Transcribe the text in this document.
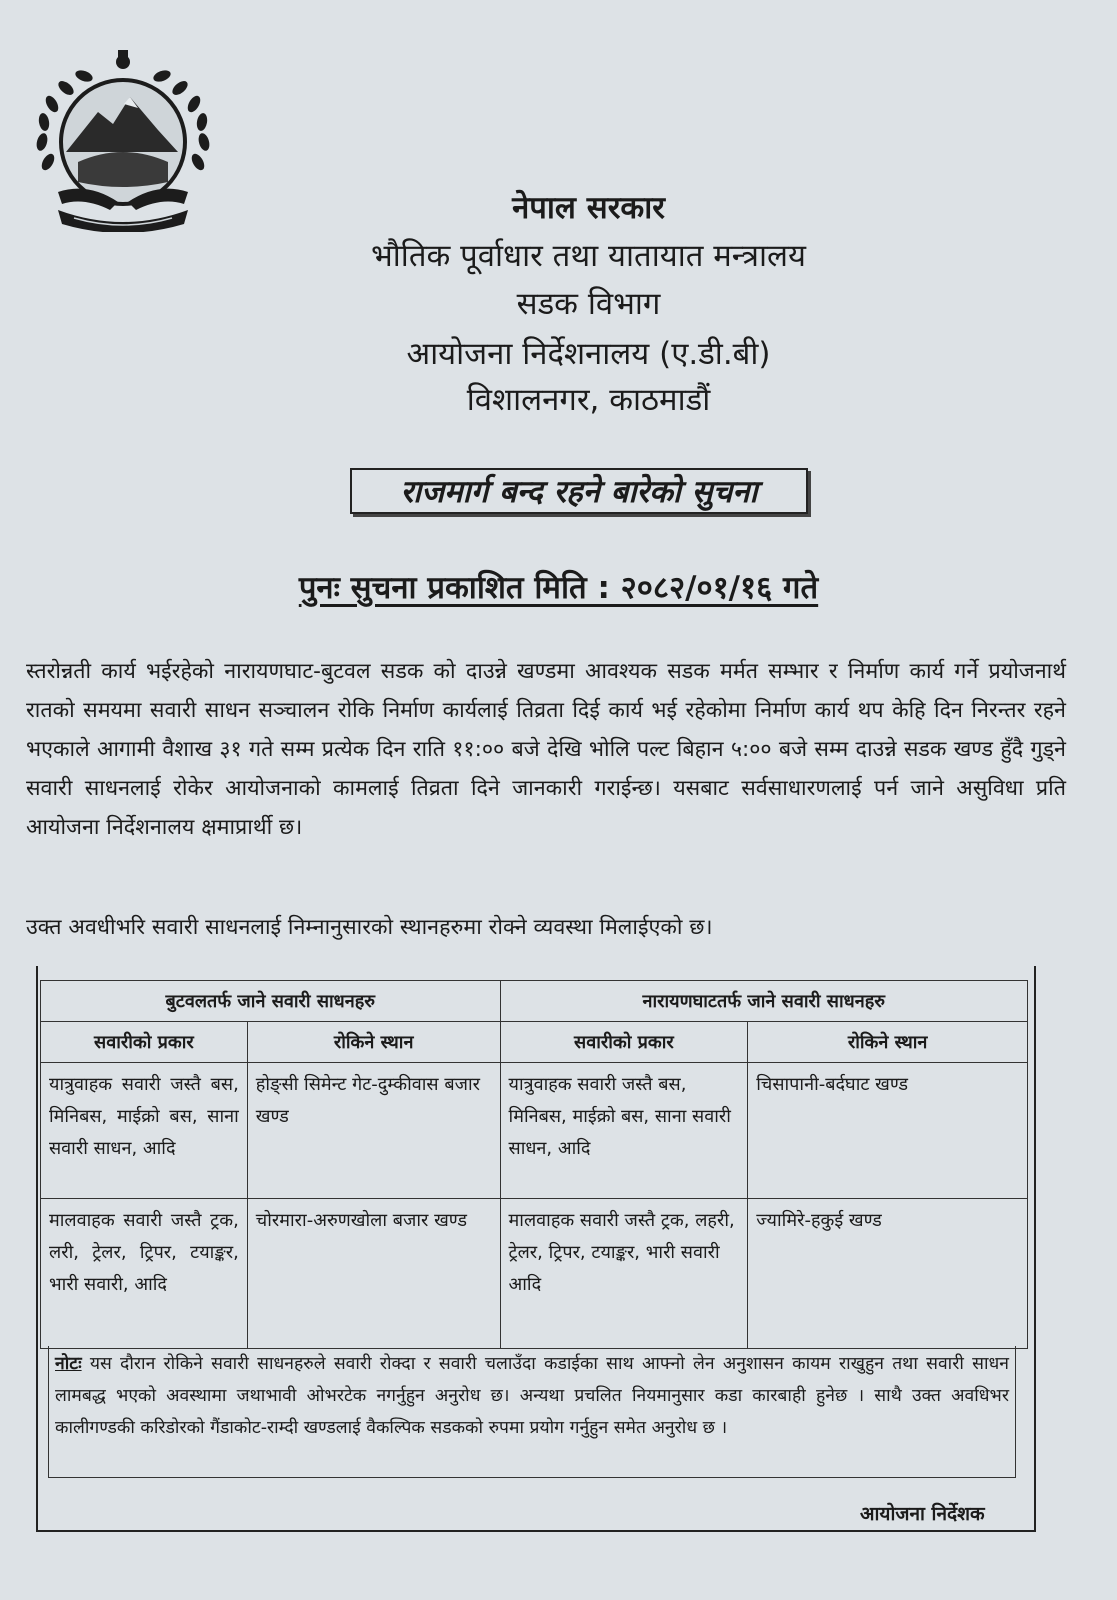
नेपाल सरकार
भौतिक पूर्वाधार तथा यातायात मन्त्रालय
सडक विभाग
आयोजना निर्देशनालय (ए.डी.बी)
विशालनगर, काठमाडौं
राजमार्ग बन्द रहने बारेको सुचना
पुनः सुचना प्रकाशित मिति : २०८२/०१/१६ गते
स्तरोन्नती कार्य भईरहेको नारायणघाट-बुटवल सडक को दाउन्ने खण्डमा आवश्यक सडक मर्मत सम्भार र निर्माण कार्य गर्ने प्रयोजनार्थ रातको समयमा सवारी साधन सञ्चालन रोकि निर्माण कार्यलाई तिव्रता दिई कार्य भई रहेकोमा निर्माण कार्य थप केहि दिन निरन्तर रहने भएकाले आगामी वैशाख ३१ गते सम्म प्रत्येक दिन राति ११:०० बजे देखि भोलि पल्ट बिहान ५:०० बजे सम्म दाउन्ने सडक खण्ड हुँदै गुड्ने सवारी साधनलाई रोकेर आयोजनाको कामलाई तिव्रता दिने जानकारी गराईन्छ। यसबाट सर्वसाधारणलाई पर्न जाने असुविधा प्रति आयोजना निर्देशनालय क्षमाप्रार्थी छ।
उक्त अवधीभरि सवारी साधनलाई निम्नानुसारको स्थानहरुमा रोक्ने व्यवस्था मिलाईएको छ।
बुटवलतर्फ जाने सवारी साधनहरु		नारायणघाटतर्फ जाने सवारी साधनहरु	
सवारीको प्रकार	रोकिने स्थान	सवारीको प्रकार	रोकिने स्थान
यात्रुवाहक सवारी जस्तै बस, मिनिबस, माईक्रो बस, साना सवारी साधन, आदि	होङ्सी सिमेन्ट गेट-दुम्कीवास बजार खण्ड	यात्रुवाहक सवारी जस्तै बस, मिनिबस, माईक्रो बस, साना सवारी साधन, आदि	चिसापानी-बर्दघाट खण्ड
मालवाहक सवारी जस्तै ट्रक, लरी, ट्रेलर, ट्रिपर, टयाङ्कर, भारी सवारी, आदि	चोरमारा-अरुणखोला बजार खण्ड	मालवाहक सवारी जस्तै ट्रक, लहरी, ट्रेलर, ट्रिपर, टयाङ्कर, भारी सवारी आदि	ज्यामिरे-हकुई खण्ड
नोटः यस दौरान रोकिने सवारी साधनहरुले सवारी रोक्दा र सवारी चलाउँदा कडाईका साथ आफ्नो लेन अनुशासन कायम राखुहुन तथा सवारी साधन लामबद्ध भएको अवस्थामा जथाभावी ओभरटेक नगर्नुहुन अनुरोध छ। अन्यथा प्रचलित नियमानुसार कडा कारबाही हुनेछ । साथै उक्त अवधिभर कालीगण्डकी करिडोरको गैंडाकोट-राम्दी खण्डलाई वैकल्पिक सडकको रुपमा प्रयोग गर्नुहुन समेत अनुरोध छ ।
आयोजना निर्देशक
